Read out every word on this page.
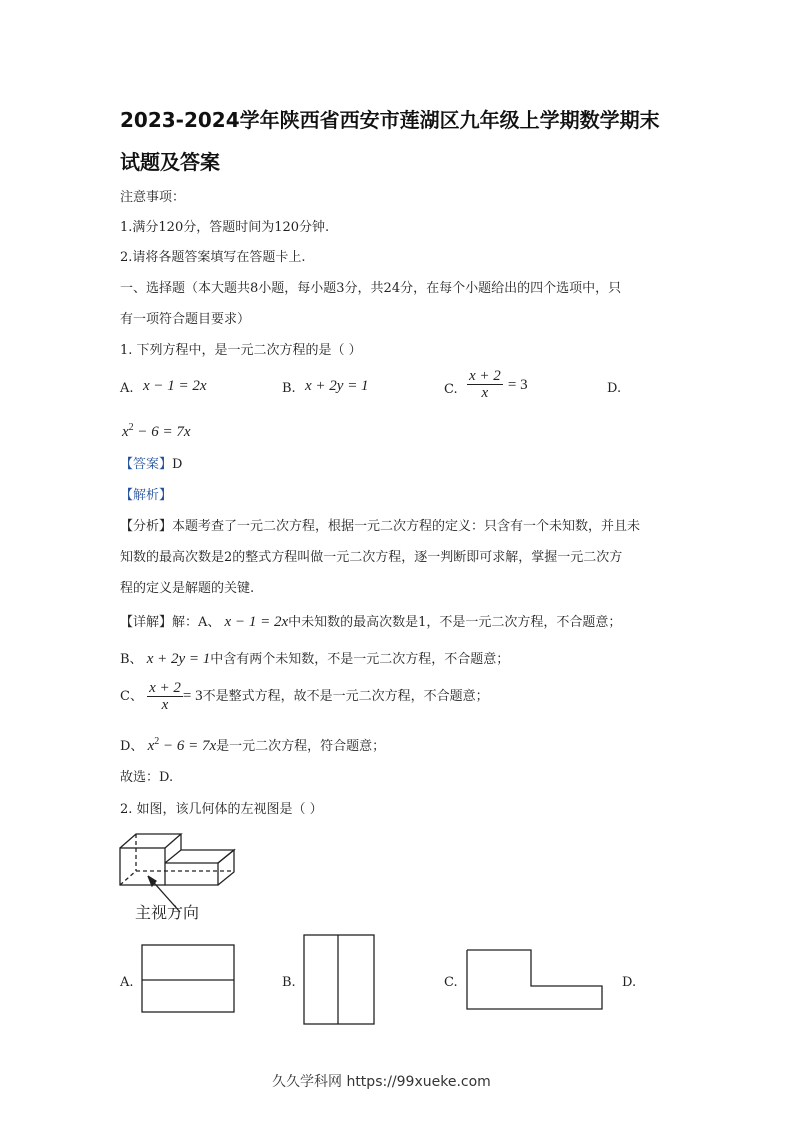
2023-2024学年陕西省西安市莲湖区九年级上学期数学期末
试题及答案
注意事项：
1.满分120分，答题时间为120分钟.
2.请将各题答案填写在答题卡上.
一、选择题（本大题共8小题，每小题3分，共24分，在每个小题给出的四个选项中，只
有一项符合题目要求）
1. 下列方程中，是一元二次方程的是（ ）
A. x − 1 = 2x	B. x + 2y = 1	C. $\frac{x + 2}{x} = 3$	D.
$x^2 - 6 = 7x$
【答案】D
【解析】
【分析】本题考查了一元二次方程，根据一元二次方程的定义：只含有一个未知数，并且未
知数的最高次数是2的整式方程叫做一元二次方程，逐一判断即可求解，掌握一元二次方
程的定义是解题的关键.
【详解】解：A、 x − 1 = 2x中未知数的最高次数是1，不是一元二次方程，不合题意；
B、 x + 2y = 1中含有两个未知数，不是一元二次方程，不合题意；
C、 $\frac{x + 2}{x} = 3$不是整式方程，故不是一元二次方程，不合题意；
D、 $x^2 - 6 = 7x$是一元二次方程，符合题意；
故选：D.
2. 如图，该几何体的左视图是（ ）
主视方向
A.	B.	C.	D.
久久学科网 https://99xueke.com
